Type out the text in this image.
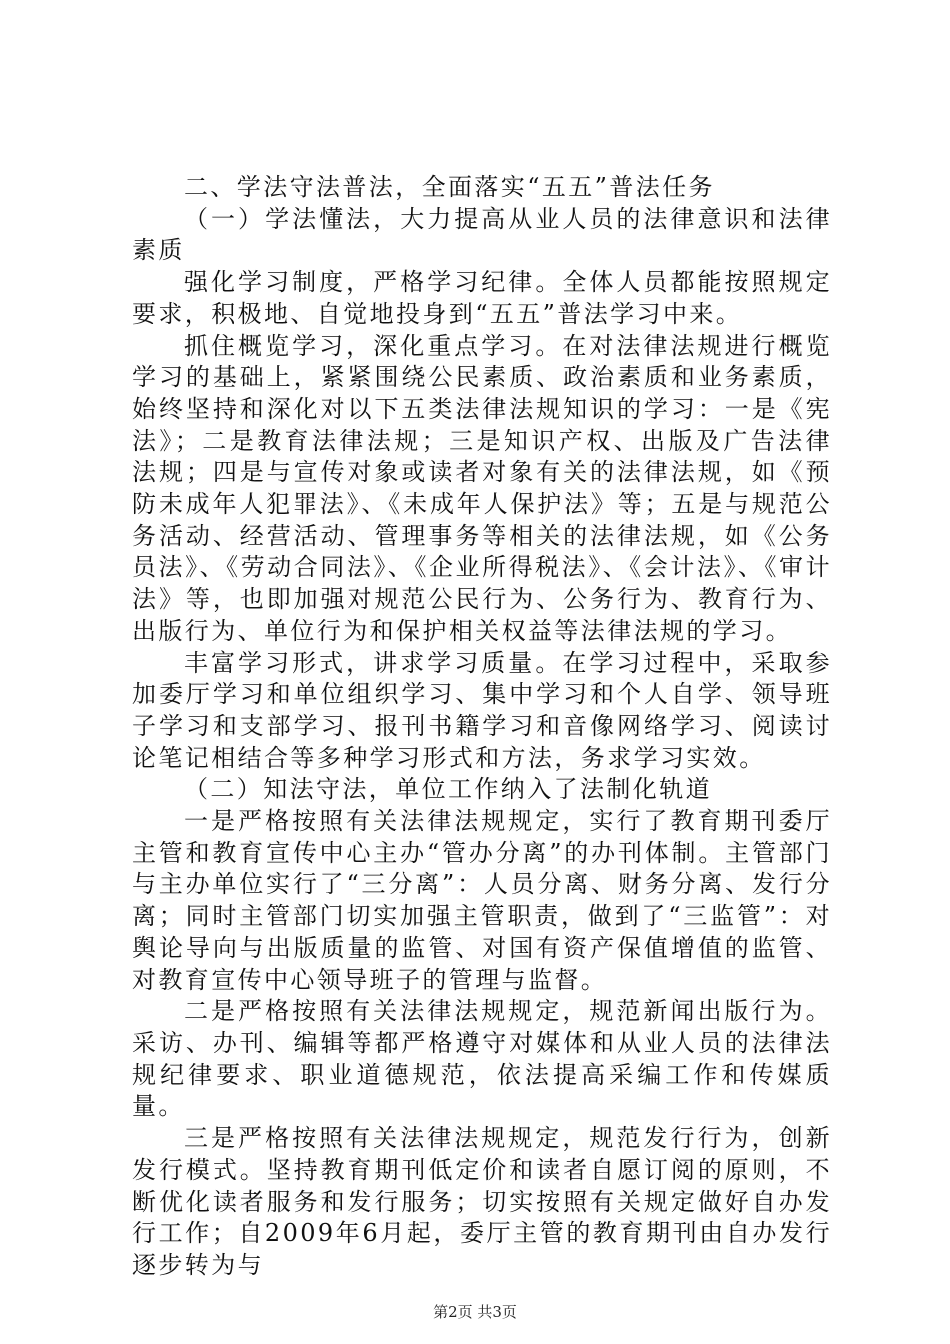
二、学法守法普法，全面落实“五五”普法任务

（一）学法懂法，大力提高从业人员的法律意识和法律素质

强化学习制度，严格学习纪律。全体人员都能按照规定要求，积极地、自觉地投身到“五五”普法学习中来。

抓住概览学习，深化重点学习。在对法律法规进行概览学习的基础上，紧紧围绕公民素质、政治素质和业务素质，始终坚持和深化对以下五类法律法规知识的学习：一是《宪法》；二是教育法律法规；三是知识产权、出版及广告法律法规；四是与宣传对象或读者对象有关的法律法规，如《预防未成年人犯罪法》、《未成年人保护法》等；五是与规范公务活动、经营活动、管理事务等相关的法律法规，如《公务员法》、《劳动合同法》、《企业所得税法》、《会计法》、《审计法》等，也即加强对规范公民行为、公务行为、教育行为、出版行为、单位行为和保护相关权益等法律法规的学习。

丰富学习形式，讲求学习质量。在学习过程中，采取参加委厅学习和单位组织学习、集中学习和个人自学、领导班子学习和支部学习、报刊书籍学习和音像网络学习、阅读讨论笔记相结合等多种学习形式和方法，务求学习实效。

（二）知法守法，单位工作纳入了法制化轨道

一是严格按照有关法律法规规定，实行了教育期刊委厅主管和教育宣传中心主办“管办分离”的办刊体制。主管部门与主办单位实行了“三分离”：人员分离、财务分离、发行分离；同时主管部门切实加强主管职责，做到了“三监管”：对舆论导向与出版质量的监管、对国有资产保值增值的监管、对教育宣传中心领导班子的管理与监督。

二是严格按照有关法律法规规定，规范新闻出版行为。采访、办刊、编辑等都严格遵守对媒体和从业人员的法律法规纪律要求、职业道德规范，依法提高采编工作和传媒质量。

三是严格按照有关法律法规规定，规范发行行为，创新发行模式。坚持教育期刊低定价和读者自愿订阅的原则，不断优化读者服务和发行服务；切实按照有关规定做好自办发行工作；自2009年6月起，委厅主管的教育期刊由自办发行逐步转为与

第2页 共3页
